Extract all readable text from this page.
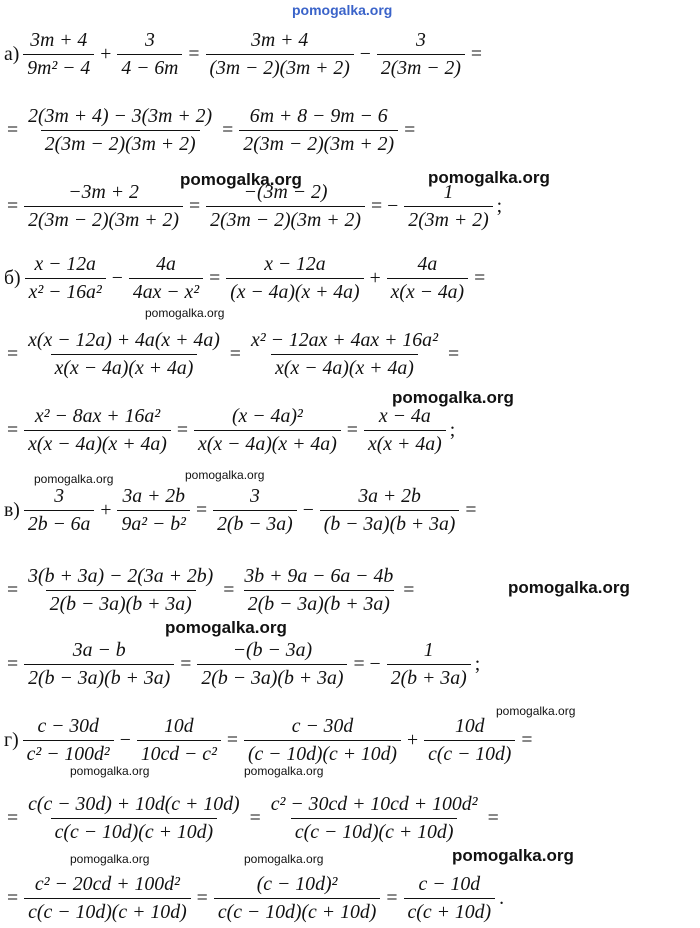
$а) \frac{3m + 4}{\text{9m² − 4}} + \frac{3}{4 - 6m} = \frac{3m + 4}{(3m - 2)(3m + 2)} - \frac{3}{2(3m - 2)}$ =
= $\frac{2(3m + 4) - 3(3m + 2)}{2(3m - 2)(3m + 2)} = \frac{6m + 8 - 9m - 6}{2(3m - 2)(3m + 2)}$ =
= $\frac{-3m + 2}{2(3m - 2)(3m + 2)} = \frac{-(3m - 2)}{2(3m - 2)(3m + 2)}$ = − $\frac{1}{2(3m + 2)}$ ;
$б) \frac{x - 12a}{\text{x² − 16a²}} - \frac{4a}{\text{4ax − x²}} = \frac{x - 12a}{(x - 4a)(x + 4a)} + \frac{4a}{x(x - 4a)}$ =
= $\frac{x(x - 12a) + 4a(x + 4a)}{x(x - 4a)(x + 4a)} = \frac{\text{x² − 12ax + 4ax + 16a²}}{x(x - 4a)(x + 4a)}$ =
= $\frac{\text{x² − 8ax + 16a²}}{x(x - 4a)(x + 4a)} = \frac{\text{(x − 4a)²}}{x(x - 4a)(x + 4a)} = \frac{x - 4a}{x(x + 4a)}$ ;
$в) \frac{3}{2b - 6a} + \frac{3a + 2b}{\text{9a² − b²}} = \frac{3}{2(b - 3a)} - \frac{3a + 2b}{(b - 3a)(b + 3a)}$ =
= $\frac{3(b + 3a) - 2(3a + 2b)}{2(b - 3a)(b + 3a)} = \frac{3b + 9a - 6a - 4b}{2(b - 3a)(b + 3a)}$ =
= $\frac{3a - b}{2(b - 3a)(b + 3a)} = \frac{-(b - 3a)}{2(b - 3a)(b + 3a)}$ = − $\frac{1}{2(b + 3a)}$ ;
$г) \frac{c - 30d}{\text{c² − 100d²}} - \frac{10d}{\text{10cd − c²}} = \frac{c - 30d}{(c - 10d)(c + 10d)} + \frac{10d}{c(c - 10d)}$ =
= $\frac{c(c - 30d) + 10d(c + 10d)}{c(c - 10d)(c + 10d)} = \frac{\text{c² − 30cd + 10cd + 100d²}}{c(c - 10d)(c + 10d)}$ =
= $\frac{\text{c² − 20cd + 100d²}}{c(c - 10d)(c + 10d)} = \frac{\text{(c − 10d)²}}{c(c - 10d)(c + 10d)} = \frac{c - 10d}{c(c + 10d)}$ .
pomogalka.org
pomogalka.org	pomogalka.org
pomogalka.org
pomogalka.org
pomogalka.org	pomogalka.org
pomogalka.org
pomogalka.org
pomogalka.org
pomogalka.org	pomogalka.org
pomogalka.org	pomogalka.org	pomogalka.org
